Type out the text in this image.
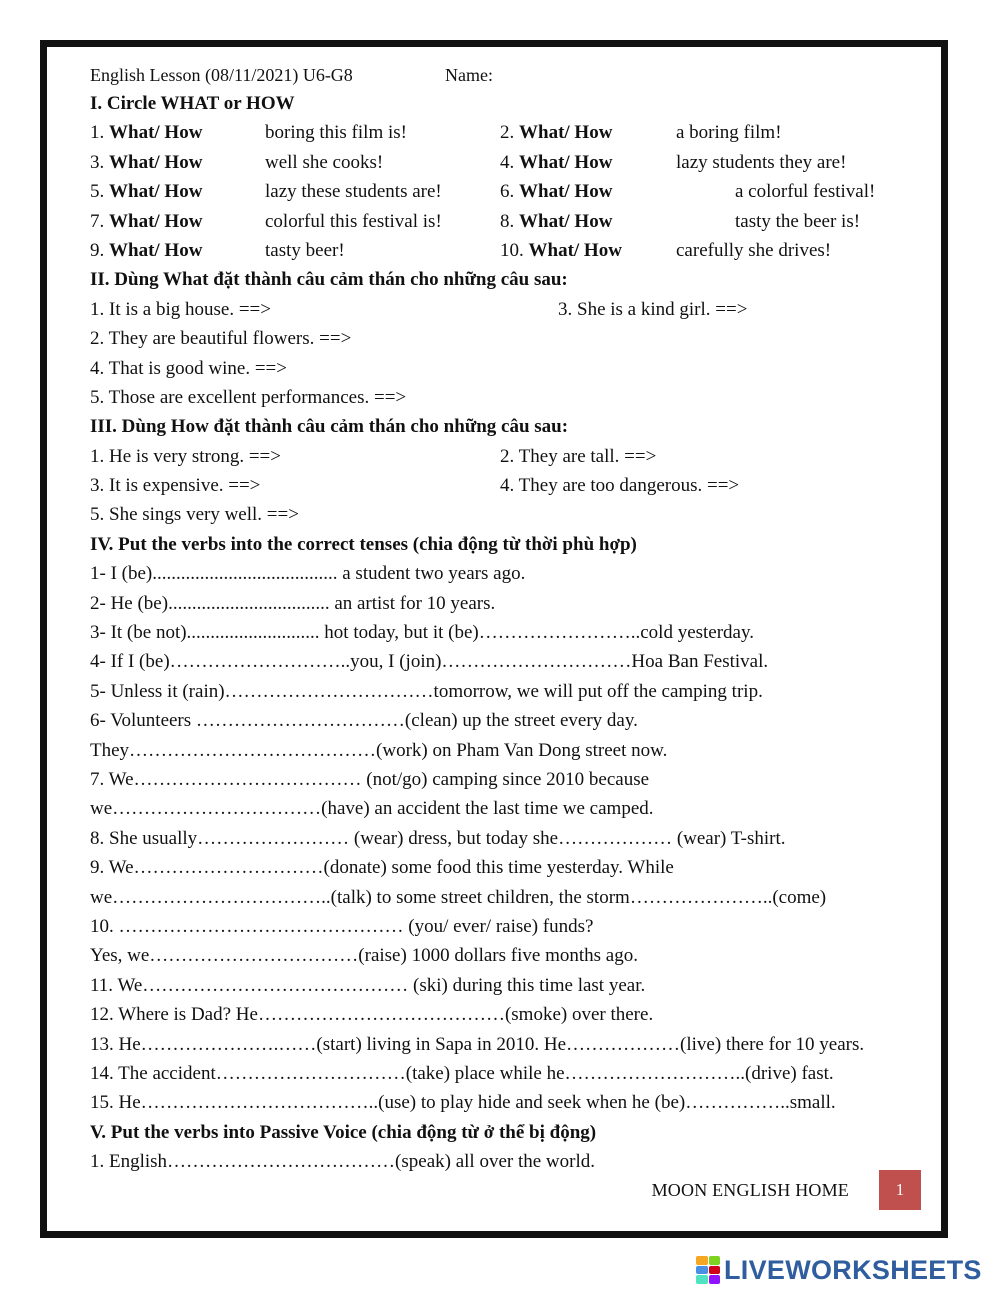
English Lesson (08/11/2021) U6-G8	Name:
I. Circle WHAT or HOW
1. What/ How	boring this film is!	2. What/ How	a boring film!
3. What/ How	well she cooks!	4. What/ How	lazy students they are!
5. What/ How	lazy these students are!	6. What/ How	a colorful festival!
7. What/ How	colorful this festival is!	8. What/ How	tasty the beer is!
9. What/ How	tasty beer!	10. What/ How	carefully she drives!
II. Dùng What đặt thành câu cảm thán cho những câu sau:
1. It is a big house. ==>	3. She is a kind girl. ==>
2. They are beautiful flowers. ==>
4. That is good wine. ==>
5. Those are excellent performances. ==>
III. Dùng How đặt thành câu cảm thán cho những câu sau:
1. He is very strong. ==>	2. They are tall. ==>
3. It is expensive. ==>	4. They are too dangerous. ==>
5. She sings very well. ==>
IV. Put the verbs into the correct tenses (chia động từ thời phù hợp)
1- I (be)....................................... a student two years ago.
2- He (be).................................. an artist for 10 years.
3- It (be not)............................ hot today, but it (be)……………………..cold yesterday.
4- If I (be)………………………..you, I (join)…………………………Hoa Ban Festival.
5- Unless it (rain)……………………………tomorrow, we will put off the camping trip.
6- Volunteers ……………………………(clean) up the street every day.
They…………………………………(work) on Pham Van Dong street now.
7. We……………………………… (not/go) camping since 2010 because
we……………………………(have) an accident the last time we camped.
8. She usually…………………… (wear) dress, but today she……………… (wear) T-shirt.
9. We…………………………(donate) some food this time yesterday. While
we……………………………..(talk) to some street children, the storm…………………..(come)
10. ……………………………………… (you/ ever/ raise) funds?
Yes, we……………………………(raise) 1000 dollars five months ago.
11. We…………………………………… (ski) during this time last year.
12. Where is Dad? He…………………………………(smoke) over there.
13. He………………….……(start) living in Sapa in 2010. He………………(live) there for 10 years.
14. The accident…………………………(take) place while he………………………..(drive) fast.
15. He………………………………..(use) to play hide and seek when he (be)……………..small.
V. Put the verbs into Passive Voice (chia động từ ở thể bị động)
1. English………………………………(speak) all over the world.
MOON ENGLISH HOME	1
LIVEWORKSHEETS
